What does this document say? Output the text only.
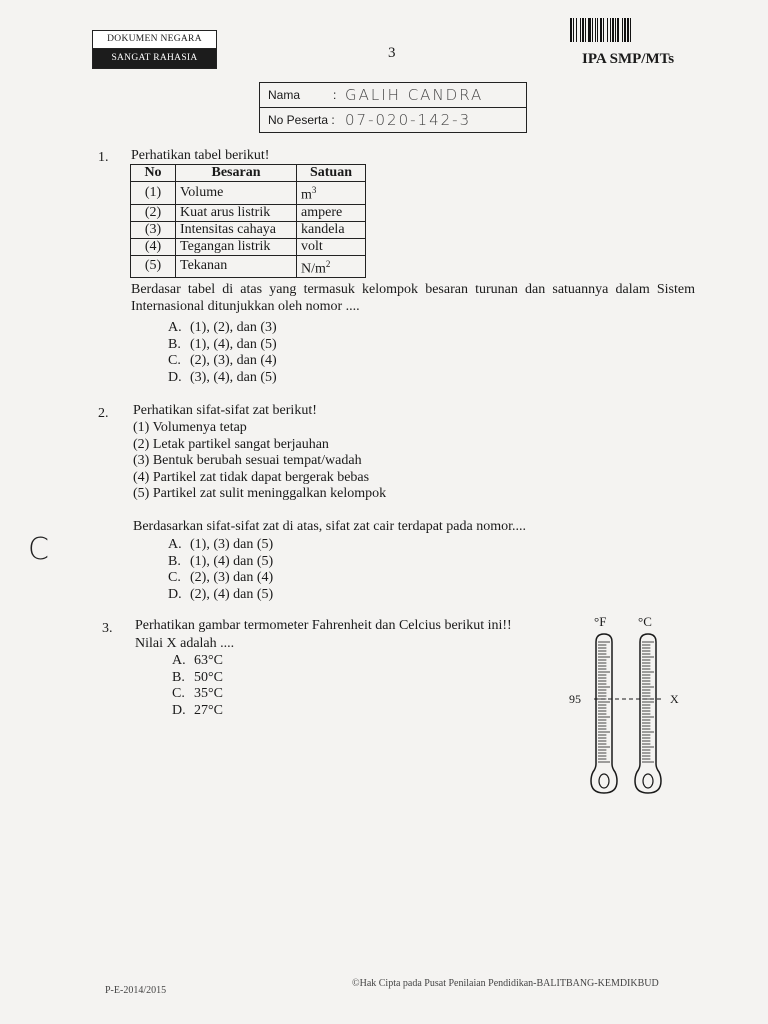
DOKUMEN NEGARA
SANGAT RAHASIA	3	IPA SMP/MTs
Nama	: GALIH CANDRA
No Peserta : 07-020-142-3
1. Perhatikan tabel berikut!
No	Besaran	Satuan
(1)	Volume	$m^3$
(2)	Kuat arus listrik	ampere
(3)	Intensitas cahaya	kandela
(4)	Tegangan listrik	volt
(5)	Tekanan	$N/m^2$
Berdasar tabel di atas yang termasuk kelompok besaran turunan dan satuannya dalam Sistem Internasional ditunjukkan oleh nomor ....
A. (1), (2), dan (3)
B. (1), (4), dan (5)
C. (2), (3), dan (4)
D. (3), (4), dan (5)
2. Perhatikan sifat-sifat zat berikut!
(1) Volumenya tetap
(2) Letak partikel sangat berjauhan
(3) Bentuk berubah sesuai tempat/wadah
(4) Partikel zat tidak dapat bergerak bebas
(5) Partikel zat sulit meninggalkan kelompok
Berdasarkan sifat-sifat zat di atas, sifat zat cair terdapat pada nomor....
A. (1), (3) dan (5)
B. (1), (4) dan (5)
C. (2), (3) dan (4)
D. (2), (4) dan (5)
C
3. Perhatikan gambar termometer Fahrenheit dan Celcius berikut ini!!
Nilai X adalah ....
A. 63°C
B. 50°C
C. 35°C
D. 27°C
°F °C
95	X
P-E-2014/2015
©Hak Cipta pada Pusat Penilaian Pendidikan-BALITBANG-KEMDIKBUD
